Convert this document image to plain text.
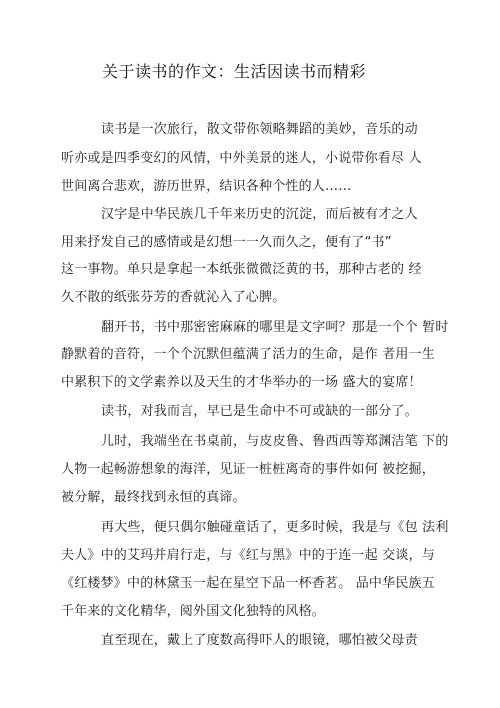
关于读书的作文：生活因读书而精彩
读书是一次旅行，散文带你领略舞蹈的美妙，音乐的动
听亦或是四季变幻的风情，中外美景的迷人，小说带你看尽 人
世间离合悲欢，游历世界，结识各种个性的人……
汉字是中华民族几千年来历史的沉淀，而后被有才之人
用来抒发自己的感情或是幻想一一久而久之，便有了“书”
这一事物。单只是拿起一本纸张微微泛黄的书，那种古老的 经
久不散的纸张芬芳的香就沁入了心脾。
翻开书，书中那密密麻麻的哪里是文字呵？那是一个个 暂时
静默着的音符，一个个沉默但蕴满了活力的生命，是作 者用一生
中累积下的文学素养以及天生的才华举办的一场 盛大的宴席！
读书，对我而言，早已是生命中不可或缺的一部分了。
儿时，我端坐在书桌前，与皮皮鲁、鲁西西等郑渊洁笔 下的
人物一起畅游想象的海洋，见证一桩桩离奇的事件如何 被挖掘，
被分解，最终找到永恒的真谛。
再大些，便只偶尔触碰童话了，更多时候，我是与《包 法利
夫人》中的艾玛并肩行走，与《红与黑》中的于连一起 交谈，与
《红楼梦》中的林黛玉一起在星空下品一杯香茗。 品中华民族五
千年来的文化精华，阅外国文化独特的风格。
直至现在，戴上了度数高得吓人的眼镜，哪怕被父母责
